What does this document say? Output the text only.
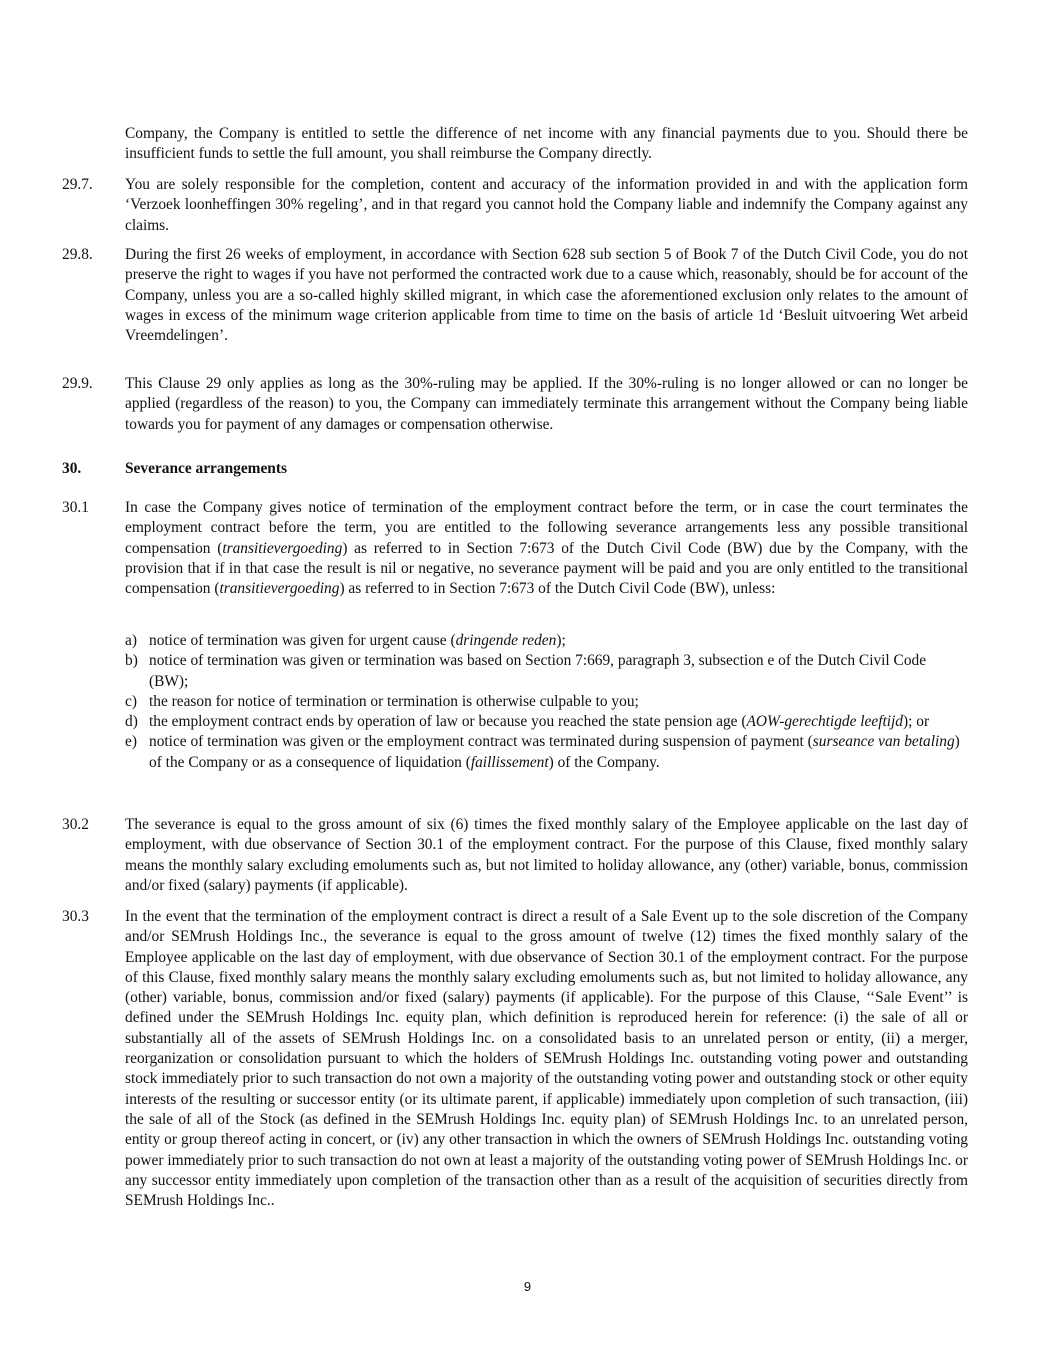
Company, the Company is entitled to settle the difference of net income with any financial payments due to you. Should there be insufficient funds to settle the full amount, you shall reimburse the Company directly.
29.7. You are solely responsible for the completion, content and accuracy of the information provided in and with the application form ‘Verzoek loonheffingen 30% regeling’, and in that regard you cannot hold the Company liable and indemnify the Company against any claims.
29.8. During the first 26 weeks of employment, in accordance with Section 628 sub section 5 of Book 7 of the Dutch Civil Code, you do not preserve the right to wages if you have not performed the contracted work due to a cause which, reasonably, should be for account of the Company, unless you are a so-called highly skilled migrant, in which case the aforementioned exclusion only relates to the amount of wages in excess of the minimum wage criterion applicable from time to time on the basis of article 1d ‘Besluit uitvoering Wet arbeid Vreemdelingen’.
29.9. This Clause 29 only applies as long as the 30%-ruling may be applied. If the 30%-ruling is no longer allowed or can no longer be applied (regardless of the reason) to you, the Company can immediately terminate this arrangement without the Company being liable towards you for payment of any damages or compensation otherwise.
30.	Severance arrangements
30.1 In case the Company gives notice of termination of the employment contract before the term, or in case the court terminates the employment contract before the term, you are entitled to the following severance arrangements less any possible transitional compensation (transitievergoeding) as referred to in Section 7:673 of the Dutch Civil Code (BW) due by the Company, with the provision that if in that case the result is nil or negative, no severance payment will be paid and you are only entitled to the transitional compensation (transitievergoeding) as referred to in Section 7:673 of the Dutch Civil Code (BW), unless:
a) notice of termination was given for urgent cause (dringende reden);
b) notice of termination was given or termination was based on Section 7:669, paragraph 3, subsection e of the Dutch Civil Code (BW);
c) the reason for notice of termination or termination is otherwise culpable to you;
d) the employment contract ends by operation of law or because you reached the state pension age (AOW-gerechtigde leeftijd); or
e) notice of termination was given or the employment contract was terminated during suspension of payment (surseance van betaling) of the Company or as a consequence of liquidation (faillissement) of the Company.
30.2 The severance is equal to the gross amount of six (6) times the fixed monthly salary of the Employee applicable on the last day of employment, with due observance of Section 30.1 of the employment contract. For the purpose of this Clause, fixed monthly salary means the monthly salary excluding emoluments such as, but not limited to holiday allowance, any (other) variable, bonus, commission and/or fixed (salary) payments (if applicable).
30.3 In the event that the termination of the employment contract is direct a result of a Sale Event up to the sole discretion of the Company and/or SEMrush Holdings Inc., the severance is equal to the gross amount of twelve (12) times the fixed monthly salary of the Employee applicable on the last day of employment, with due observance of Section 30.1 of the employment contract. For the purpose of this Clause, fixed monthly salary means the monthly salary excluding emoluments such as, but not limited to holiday allowance, any (other) variable, bonus, commission and/or fixed (salary) payments (if applicable). For the purpose of this Clause, ‘‘Sale Event’’ is defined under the SEMrush Holdings Inc. equity plan, which definition is reproduced herein for reference: (i) the sale of all or substantially all of the assets of SEMrush Holdings Inc. on a consolidated basis to an unrelated person or entity, (ii) a merger, reorganization or consolidation pursuant to which the holders of SEMrush Holdings Inc. outstanding voting power and outstanding stock immediately prior to such transaction do not own a majority of the outstanding voting power and outstanding stock or other equity interests of the resulting or successor entity (or its ultimate parent, if applicable) immediately upon completion of such transaction, (iii) the sale of all of the Stock (as defined in the SEMrush Holdings Inc. equity plan) of SEMrush Holdings Inc. to an unrelated person, entity or group thereof acting in concert, or (iv) any other transaction in which the owners of SEMrush Holdings Inc. outstanding voting power immediately prior to such transaction do not own at least a majority of the outstanding voting power of SEMrush Holdings Inc. or any successor entity immediately upon completion of the transaction other than as a result of the acquisition of securities directly from SEMrush Holdings Inc..
9
